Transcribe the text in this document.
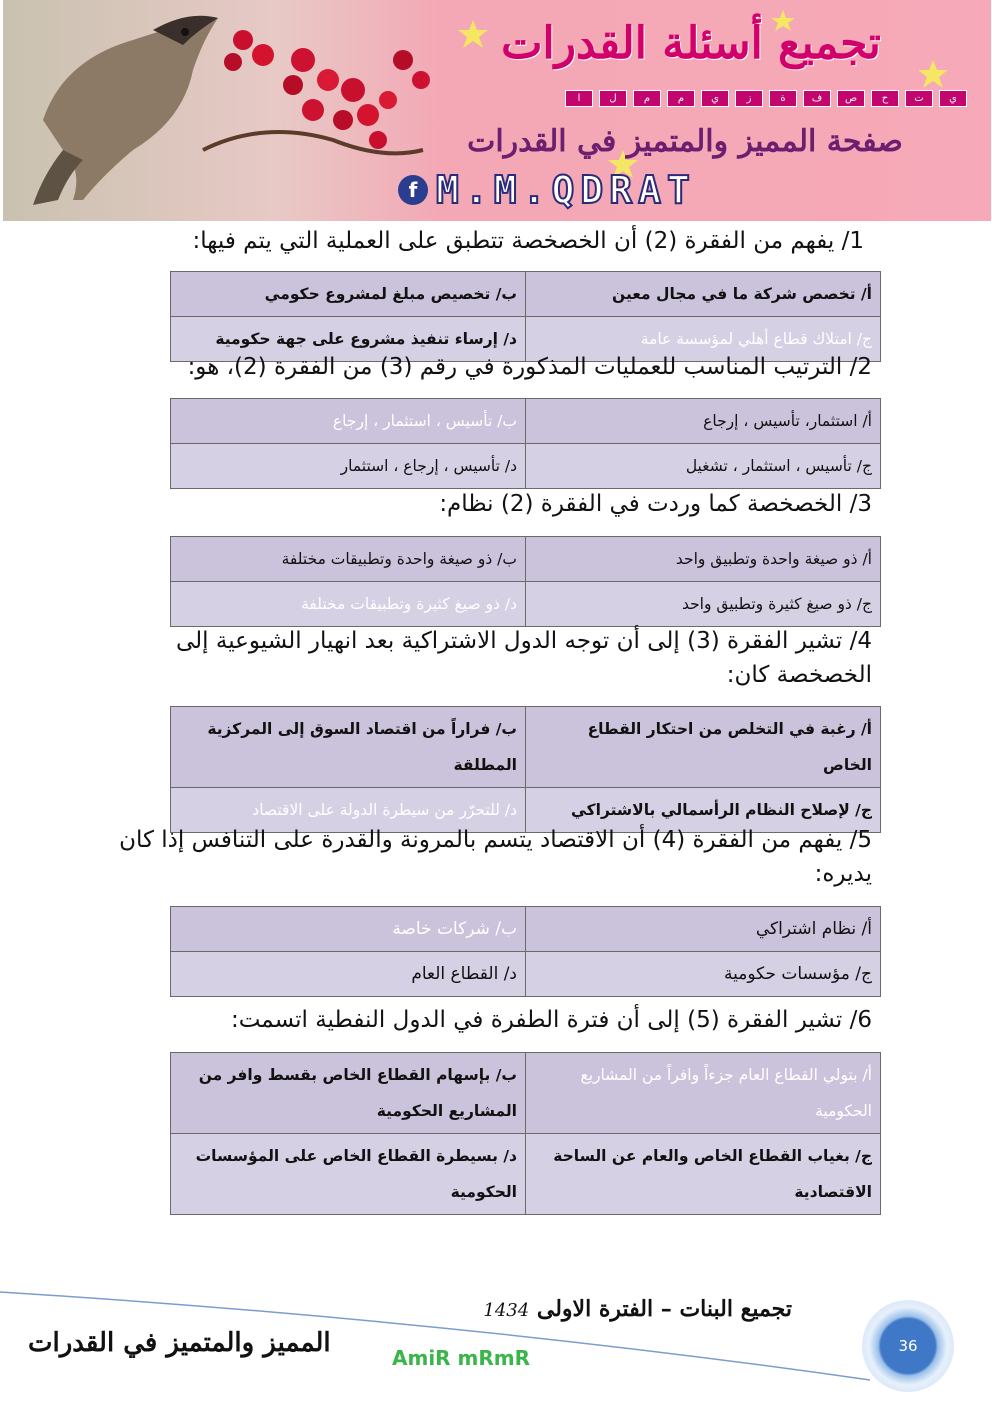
تجميع أسئلة القدرات
ي
ت
ح
ص
ف
ة
ز
ي
م
م
ل
ا
صفحة المميز والمتميز في القدرات
f M.M.QDRAT
1/ يفهم من الفقرة (2) أن الخصخصة تتطبق على العملية التي يتم فيها:
أ/ تخصص شركة ما في مجال معين	ب/ تخصيص مبلغ لمشروع حكومي
ج/ امتلاك قطاع أهلي لمؤسسة عامة	د/ إرساء تنفيذ مشروع على جهة حكومية
2/ الترتيب المناسب للعمليات المذكورة في رقم (3) من الفقرة (2)، هو:
أ/ استثمار، تأسيس ، إرجاع	ب/ تأسيس ، استثمار ، إرجاع
ج/ تأسيس ، استثمار ، تشغيل	د/ تأسيس ، إرجاع ، استثمار
3/ الخصخصة كما وردت في الفقرة (2) نظام:
أ/ ذو صيغة واحدة وتطبيق واحد	ب/ ذو صيغة واحدة وتطبيقات مختلفة
ج/ ذو صيغ كثيرة وتطبيق واحد	د/ ذو صيغ كثيرة وتطبيقات مختلفة
4/ تشير الفقرة (3) إلى أن توجه الدول الاشتراكية بعد انهيار الشيوعية إلى الخصخصة كان:
أ/ رغبة في التخلص من احتكار القطاع الخاص	ب/ فراراً من اقتصاد السوق إلى المركزية المطلقة
ج/ لإصلاح النظام الرأسمالي بالاشتراكي	د/ للتحرّر من سيطرة الدولة على الاقتصاد
5/ يفهم من الفقرة (4) أن الاقتصاد يتسم بالمرونة والقدرة على التنافس إذا كان يديره:
أ/ نظام اشتراكي	ب/ شركات خاصة
ج/ مؤسسات حكومية	د/ القطاع العام
6/ تشير الفقرة (5) إلى أن فترة الطفرة في الدول النفطية اتسمت:
أ/ بتولي القطاع العام جزءاً وافراً من المشاريع الحكومية	ب/ بإسهام القطاع الخاص بقسط وافر من المشاريع الحكومية
ج/ بغياب القطاع الخاص والعام عن الساحة الاقتصادية	د/ بسيطرة القطاع الخاص على المؤسسات الحكومية
تجميع البنات – الفترة الاولى 1434
المميز والمتميز في القدرات	AmiR mRmR	36
